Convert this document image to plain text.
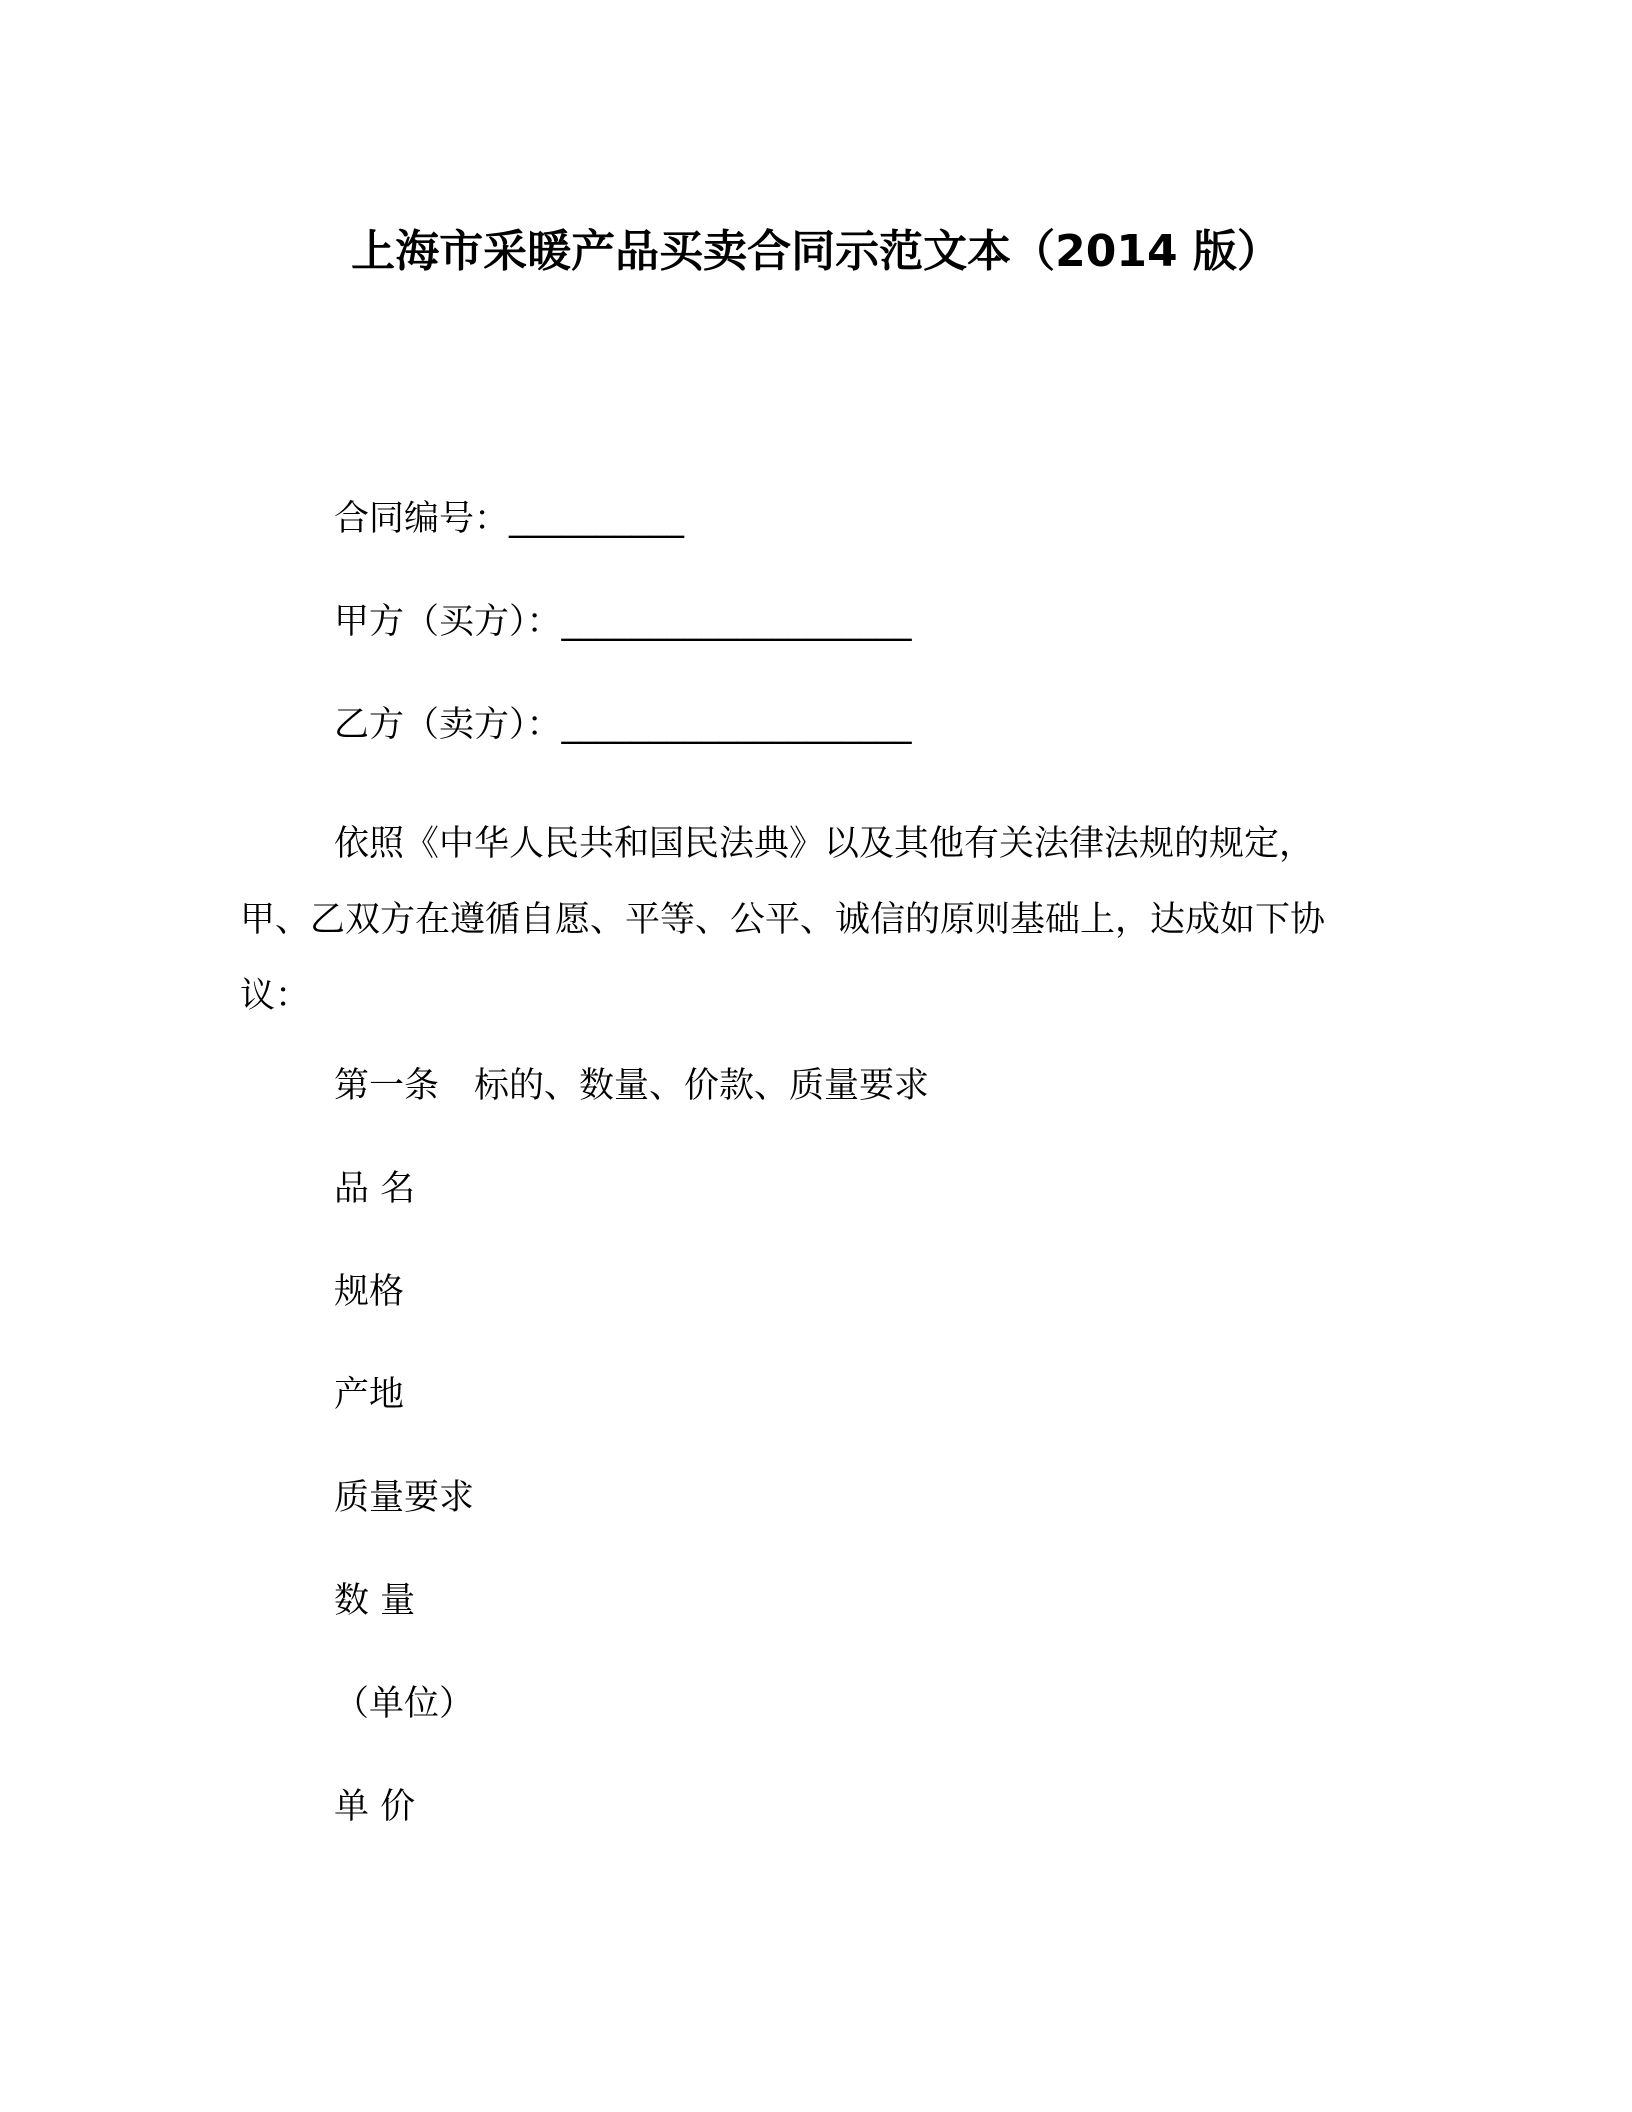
上海市采暖产品买卖合同示范文本（2014 版）
合同编号：__________
甲方（买方）：____________________
乙方（卖方）：____________________

依照《中华人民共和国民法典》以及其他有关法律法规的规定，甲、乙双方在遵循自愿、平等、公平、诚信的原则基础上，达成如下协议：

第一条　标的、数量、价款、质量要求
品 名
规格
产地
质量要求
数 量
（单位）
单 价
